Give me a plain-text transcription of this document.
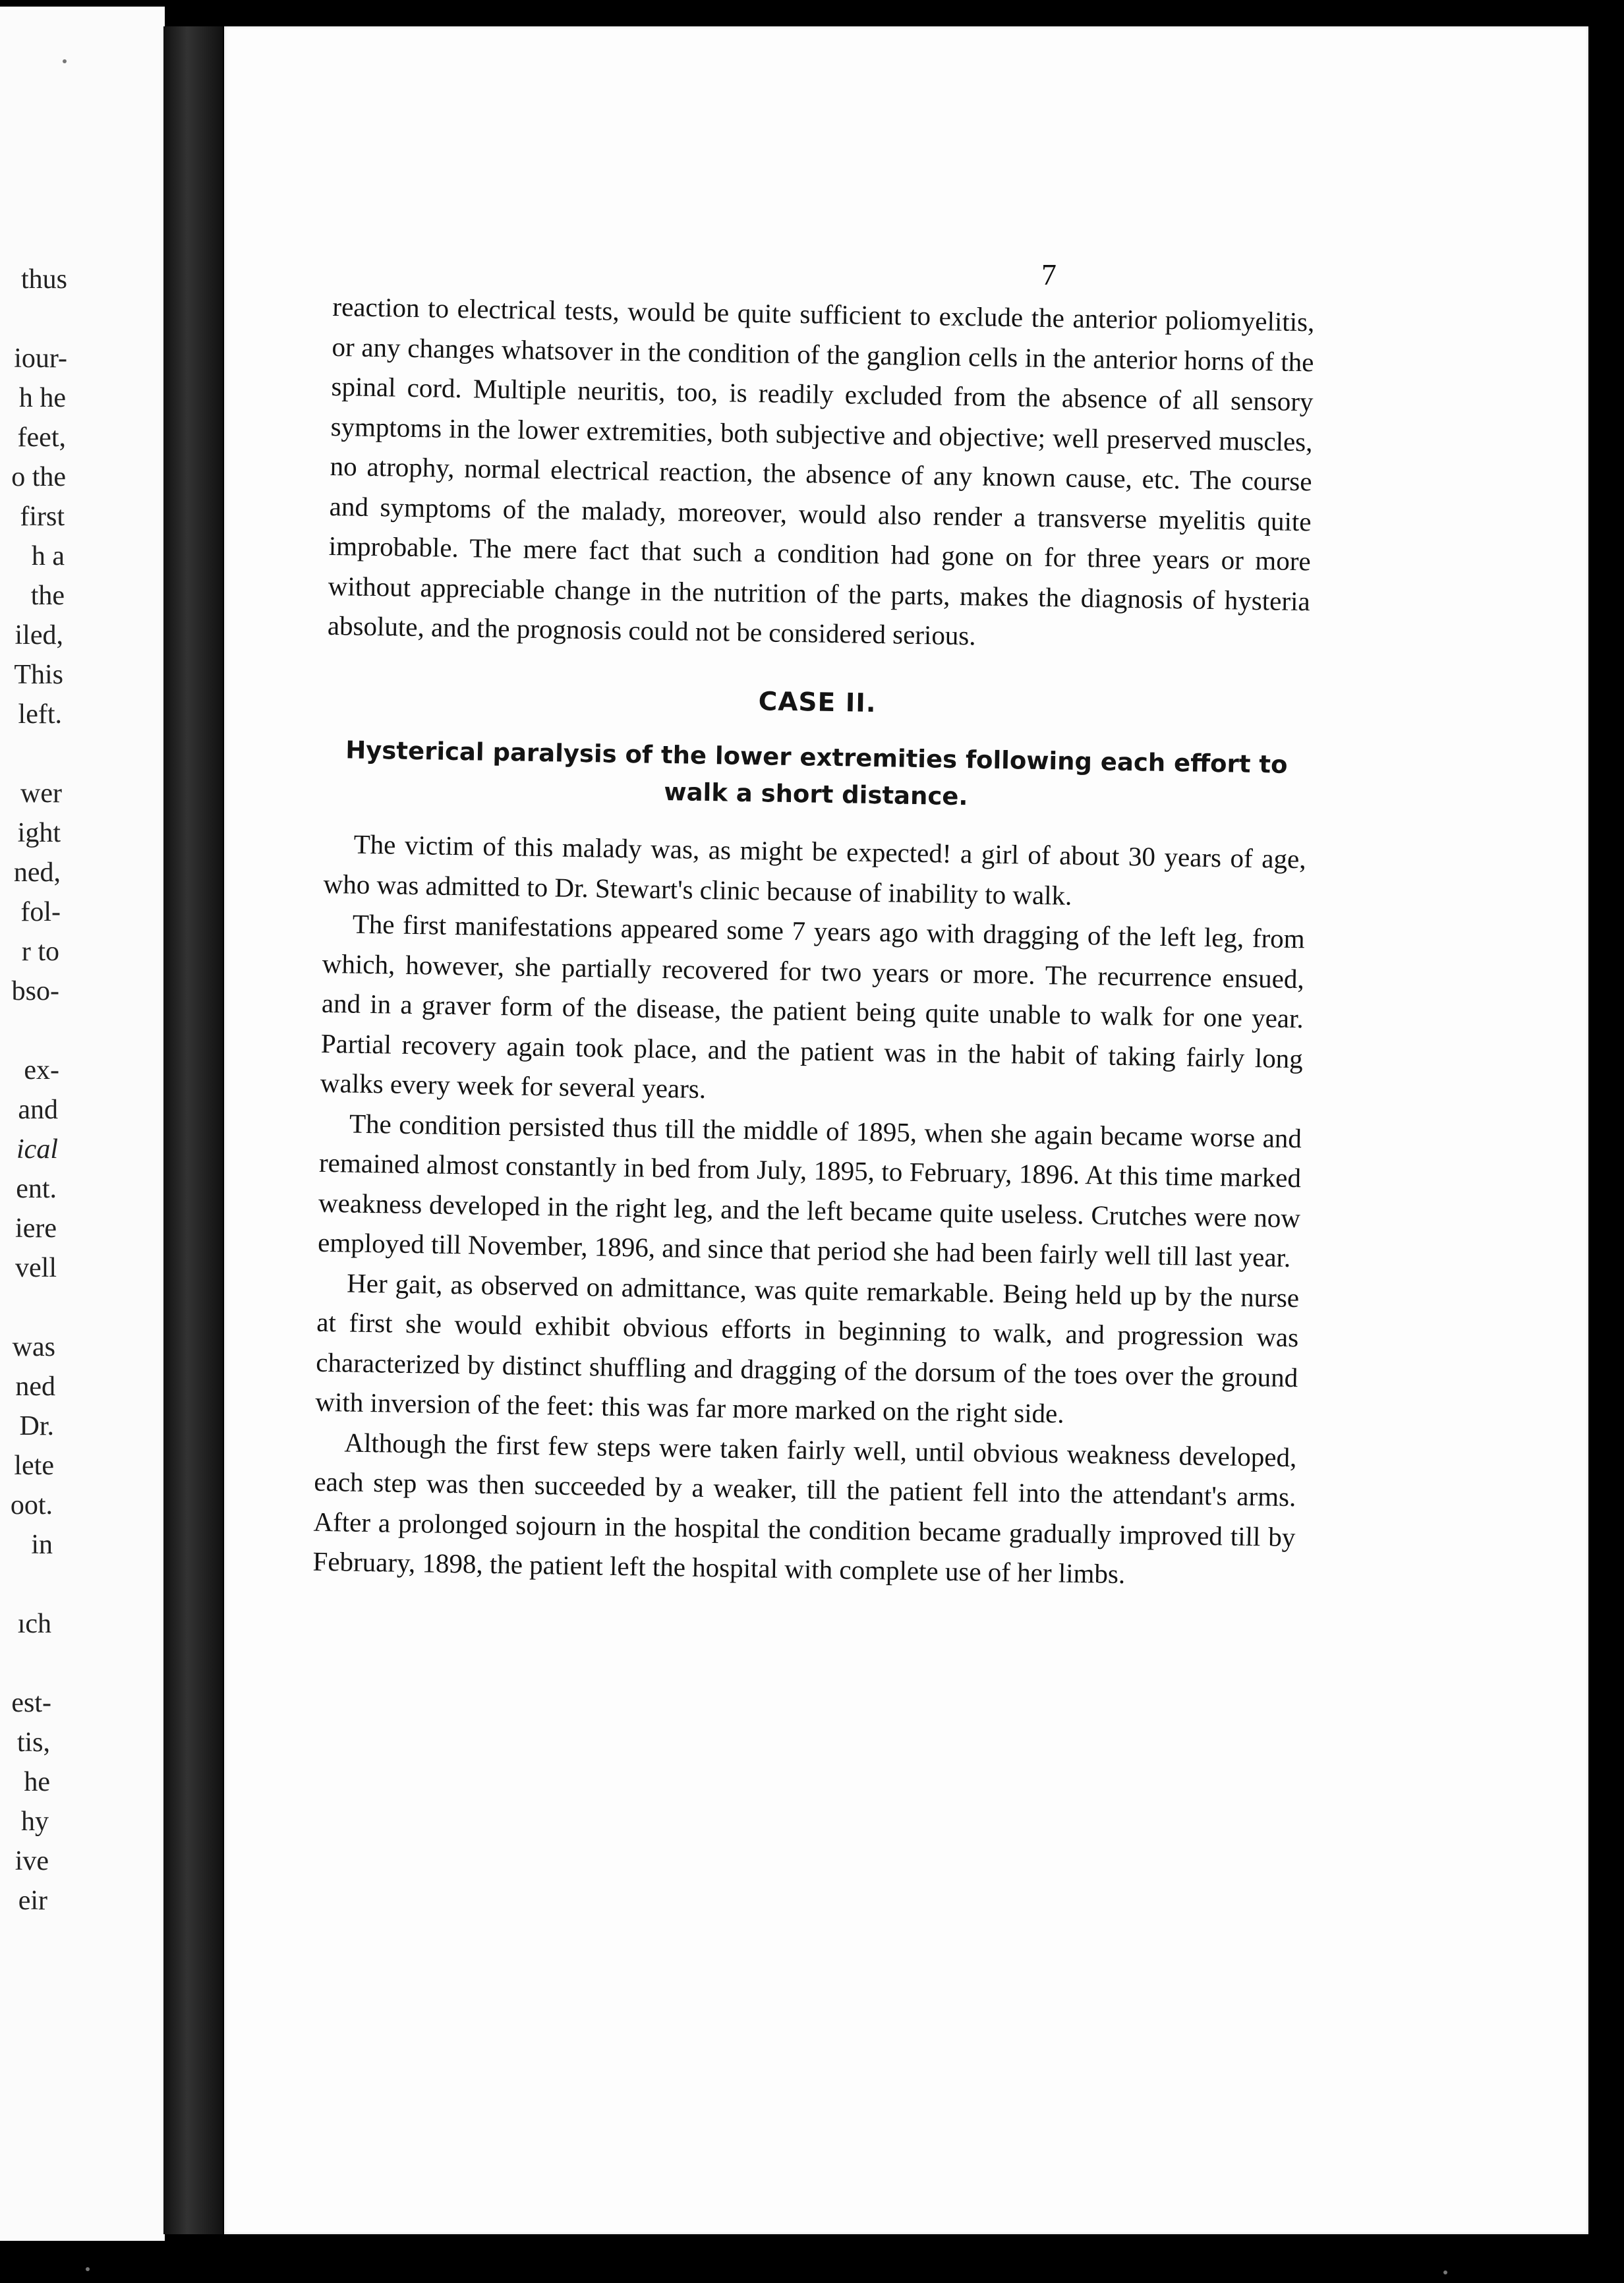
thus
iour-
h he
feet,
o the
first
h a
the
iled,
This
left.
wer
ight
ned,
fol-
r to
bso-
ex-
and
ical
ent.
iere
vell
was
ned
Dr.
lete
oot.
in
ıch
est-
tis,
he
hy
ive
eir
7

reaction to electrical tests, would be quite sufficient to exclude the anterior poliomyelitis, or any changes whatsover in the condition of the ganglion cells in the anterior horns of the spinal cord. Multiple neuritis, too, is readily excluded from the absence of all sensory symptoms in the lower extremities, both subjective and objective; well preserved muscles, no atrophy, normal electrical reaction, the absence of any known cause, etc. The course and symptoms of the malady, moreover, would also render a transverse myelitis quite improbable. The mere fact that such a condition had gone on for three years or more without appreciable change in the nutrition of the parts, makes the diagnosis of hysteria absolute, and the prognosis could not be considered serious.

CASE II.
Hysterical paralysis of the lower extremities following each effort to walk a short distance.

The victim of this malady was, as might be expected! a girl of about 30 years of age, who was admitted to Dr. Stewart's clinic because of inability to walk.

The first manifestations appeared some 7 years ago with dragging of the left leg, from which, however, she partially recovered for two years or more. The recurrence ensued, and in a graver form of the disease, the patient being quite unable to walk for one year. Partial recovery again took place, and the patient was in the habit of taking fairly long walks every week for several years.

The condition persisted thus till the middle of 1895, when she again became worse and remained almost constantly in bed from July, 1895, to February, 1896. At this time marked weakness developed in the right leg, and the left became quite useless. Crutches were now employed till November, 1896, and since that period she had been fairly well till last year.

Her gait, as observed on admittance, was quite remarkable. Being held up by the nurse at first she would exhibit obvious efforts in beginning to walk, and progression was characterized by distinct shuffling and dragging of the dorsum of the toes over the ground with inversion of the feet: this was far more marked on the right side.

Although the first few steps were taken fairly well, until obvious weakness developed, each step was then succeeded by a weaker, till the patient fell into the attendant's arms. After a prolonged sojourn in the hospital the condition became gradually improved till by February, 1898, the patient left the hospital with complete use of her limbs.
